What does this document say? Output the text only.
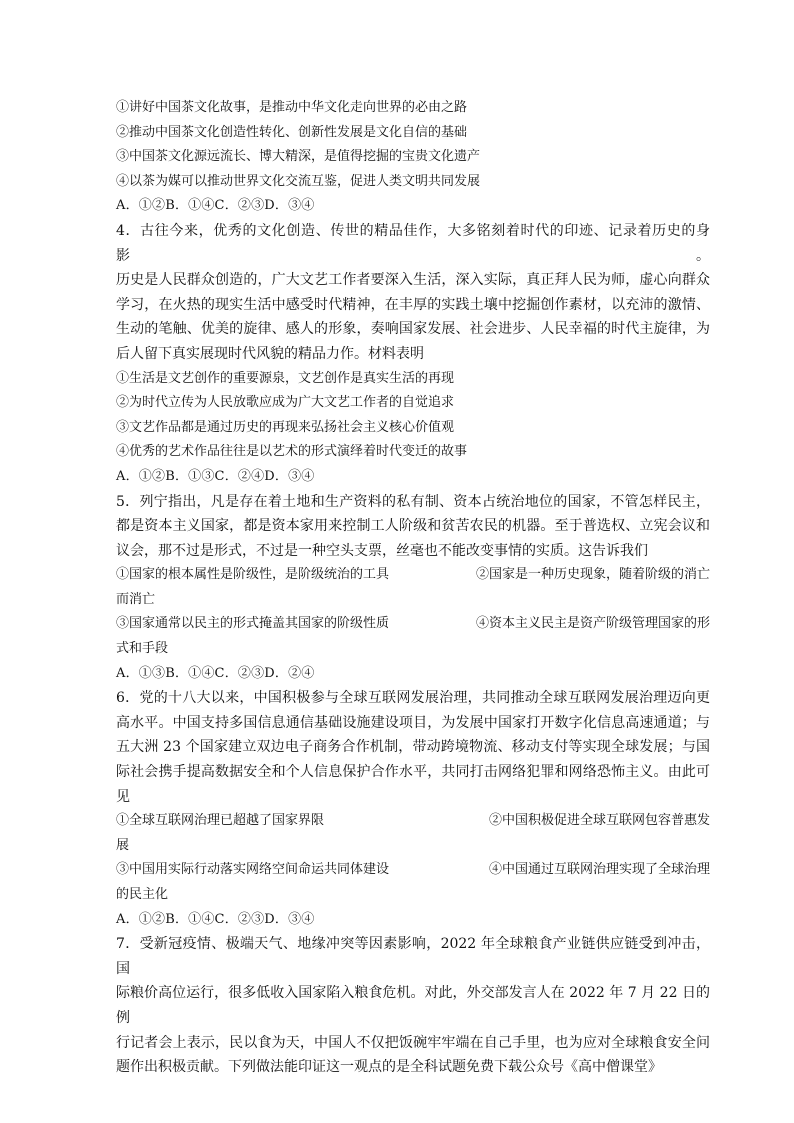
①讲好中国茶文化故事，是推动中华文化走向世界的必由之路
②推动中国茶文化创造性转化、创新性发展是文化自信的基础
③中国茶文化源远流长、博大精深，是值得挖掘的宝贵文化遗产
④以茶为媒可以推动世界文化交流互鉴，促进人类文明共同发展
A．①②B．①④C．②③D．③④
4．古往今来，优秀的文化创造、传世的精品佳作，大多铭刻着时代的印迹、记录着历史的身影。
历史是人民群众创造的，广大文艺工作者要深入生活，深入实际，真正拜人民为师，虚心向群众
学习，在火热的现实生活中感受时代精神，在丰厚的实践土壤中挖掘创作素材，以充沛的激情、
生动的笔触、优美的旋律、感人的形象，奏响国家发展、社会进步、人民幸福的时代主旋律，为
后人留下真实展现时代风貌的精品力作。材料表明
①生活是文艺创作的重要源泉，文艺创作是真实生活的再现
②为时代立传为人民放歌应成为广大文艺工作者的自觉追求
③文艺作品都是通过历史的再现来弘扬社会主义核心价值观
④优秀的艺术作品往往是以艺术的形式演绎着时代变迁的故事
A．①②B．①③C．②④D．③④
5．列宁指出，凡是存在着土地和生产资料的私有制、资本占统治地位的国家，不管怎样民主，
都是资本主义国家，都是资本家用来控制工人阶级和贫苦农民的机器。至于普选权、立宪会议和
议会，那不过是形式，不过是一种空头支票，丝毫也不能改变事情的实质。这告诉我们
①国家的根本属性是阶级性，是阶级统治的工具	②国家是一种历史现象，随着阶级的消亡
而消亡
③国家通常以民主的形式掩盖其国家的阶级性质	④资本主义民主是资产阶级管理国家的形
式和手段
A．①③B．①④C．②③D．②④
6．党的十八大以来，中国积极参与全球互联网发展治理，共同推动全球互联网发展治理迈向更
高水平。中国支持多国信息通信基础设施建设项目，为发展中国家打开数字化信息高速通道；与
五大洲 23 个国家建立双边电子商务合作机制，带动跨境物流、移动支付等实现全球发展；与国
际社会携手提高数据安全和个人信息保护合作水平，共同打击网络犯罪和网络恐怖主义。由此可
见
①全球互联网治理已超越了国家界限	②中国积极促进全球互联网包容普惠发
展
③中国用实际行动落实网络空间命运共同体建设	④中国通过互联网治理实现了全球治理
的民主化
A．①②B．①④C．②③D．③④
7．受新冠疫情、极端天气、地缘冲突等因素影响，2022 年全球粮食产业链供应链受到冲击，国
际粮价高位运行，很多低收入国家陷入粮食危机。对此，外交部发言人在 2022 年 7 月 22 日的例
行记者会上表示，民以食为天，中国人不仅把饭碗牢牢端在自己手里，也为应对全球粮食安全问
题作出积极贡献。下列做法能印证这一观点的是全科试题免费下载公众号《高中僧课堂》
